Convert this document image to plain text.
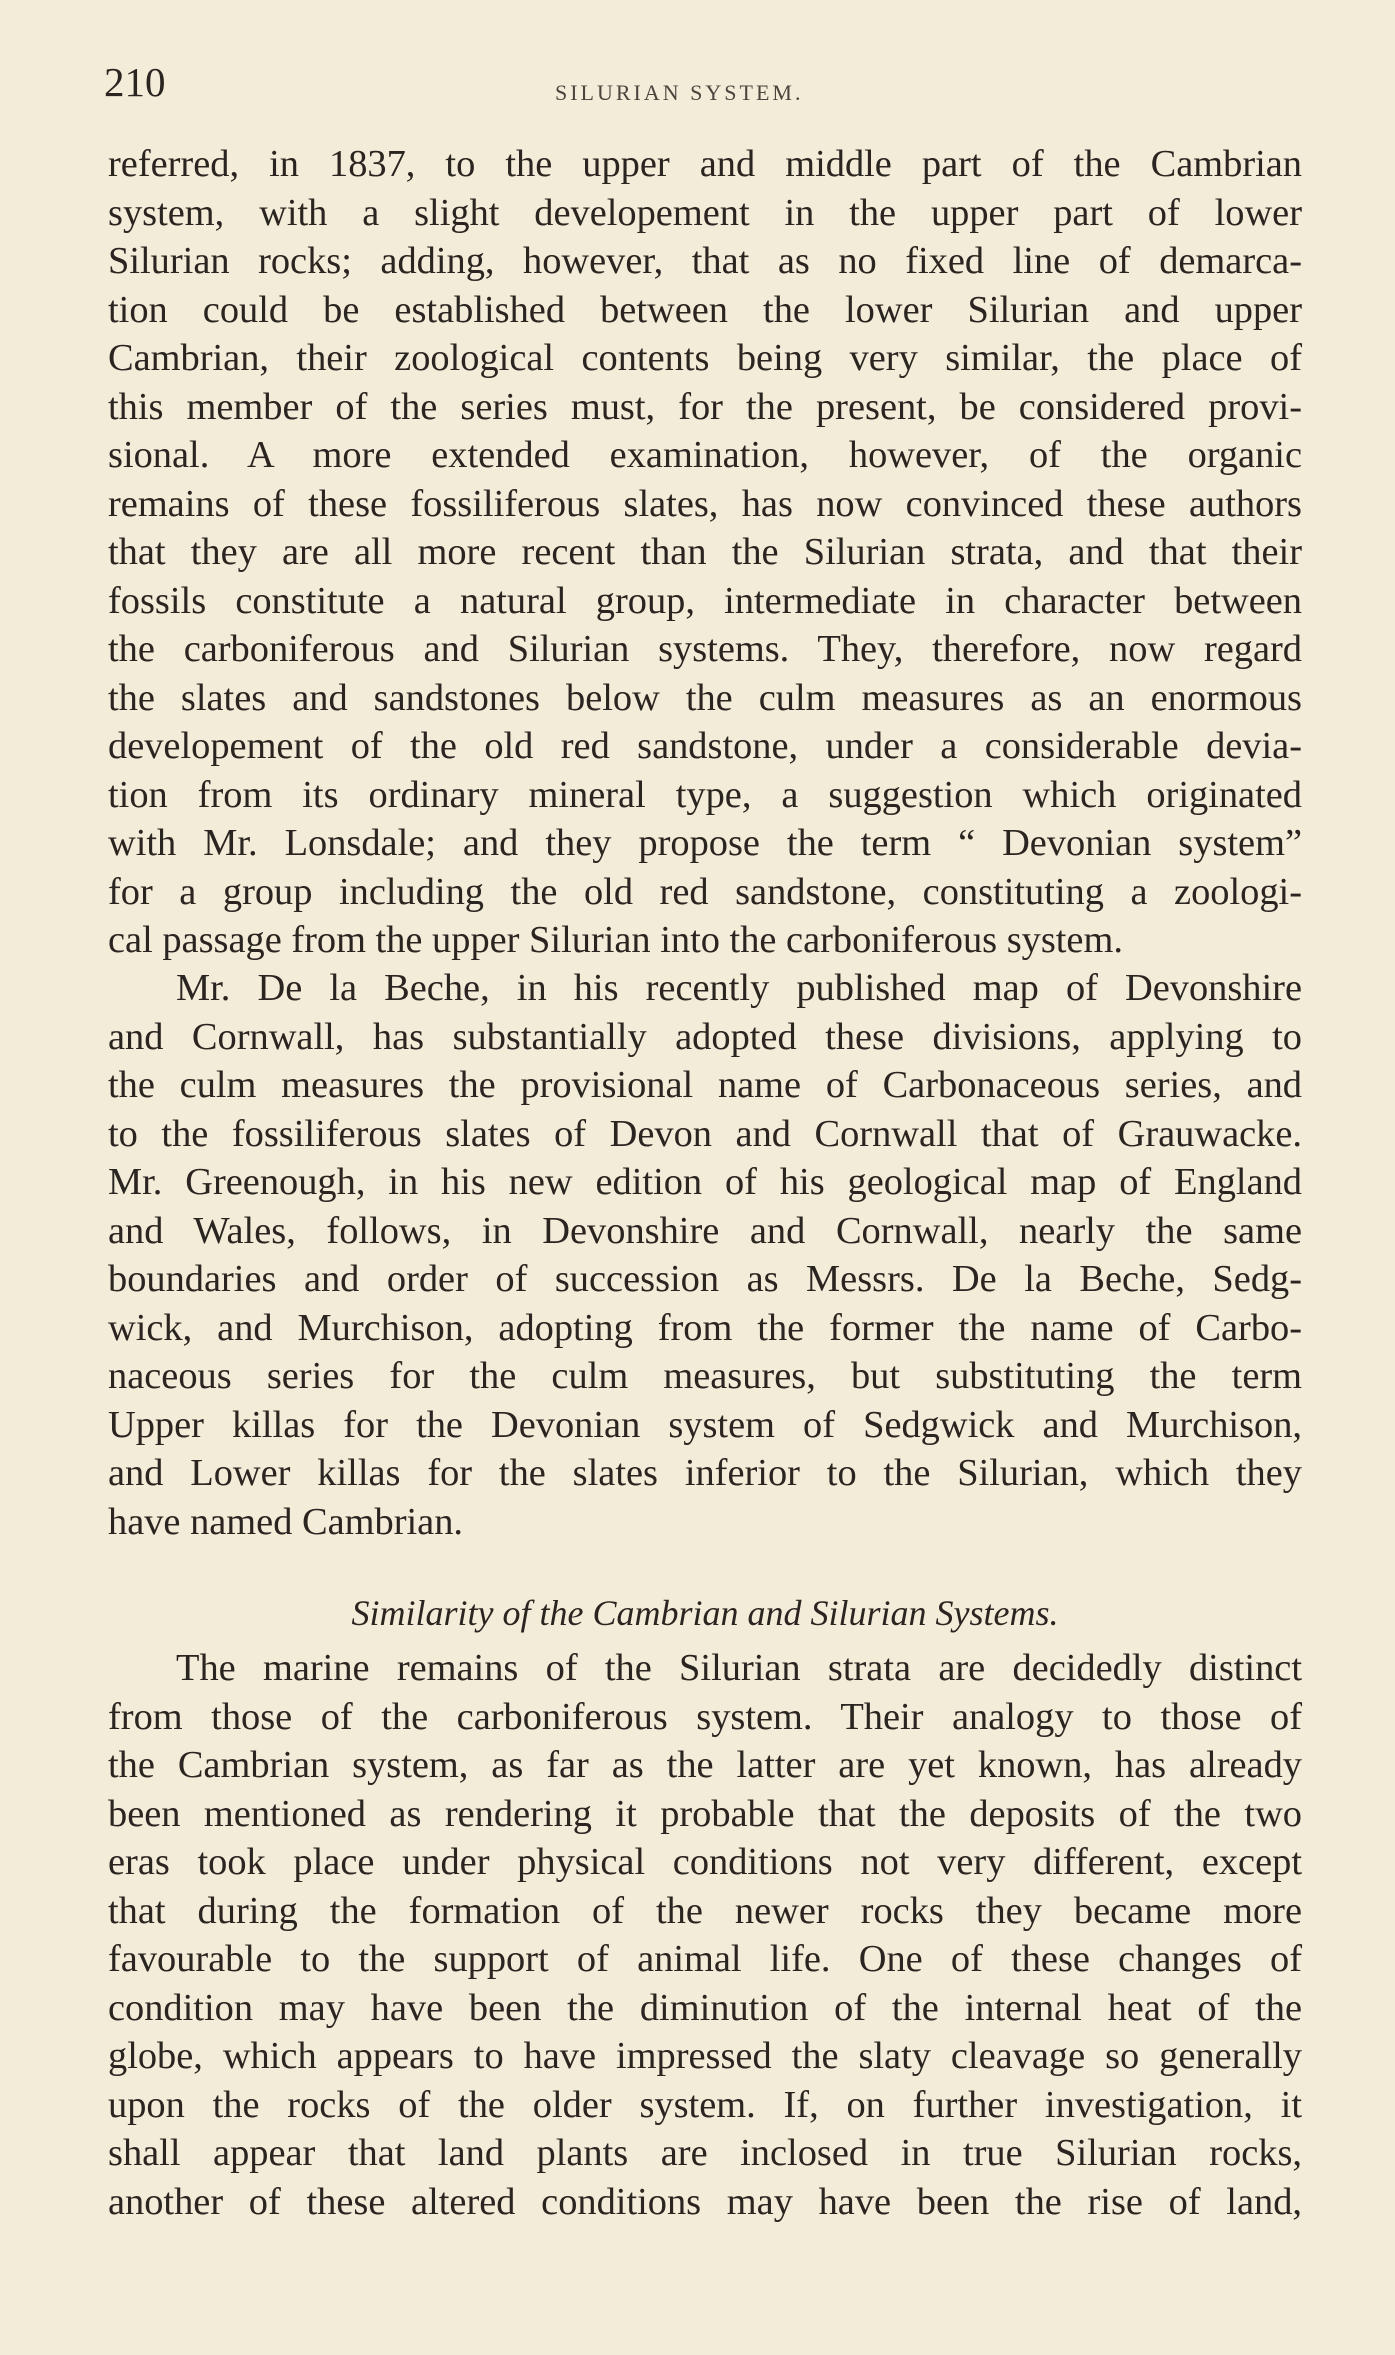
210	SILURIAN SYSTEM.
referred, in 1837, to the upper and middle part of the Cambrian
system, with a slight developement in the upper part of lower
Silurian rocks; adding, however, that as no fixed line of demarca-
tion could be established between the lower Silurian and upper
Cambrian, their zoological contents being very similar, the place of
this member of the series must, for the present, be considered provi-
sional. A more extended examination, however, of the organic
remains of these fossiliferous slates, has now convinced these authors
that they are all more recent than the Silurian strata, and that their
fossils constitute a natural group, intermediate in character between
the carboniferous and Silurian systems. They, therefore, now regard
the slates and sandstones below the culm measures as an enormous
developement of the old red sandstone, under a considerable devia-
tion from its ordinary mineral type, a suggestion which originated
with Mr. Lonsdale; and they propose the term “ Devonian system”
for a group including the old red sandstone, constituting a zoologi-
cal passage from the upper Silurian into the carboniferous system.
Mr. De la Beche, in his recently published map of Devonshire
and Cornwall, has substantially adopted these divisions, applying to
the culm measures the provisional name of Carbonaceous series, and
to the fossiliferous slates of Devon and Cornwall that of Grauwacke.
Mr. Greenough, in his new edition of his geological map of England
and Wales, follows, in Devonshire and Cornwall, nearly the same
boundaries and order of succession as Messrs. De la Beche, Sedg-
wick, and Murchison, adopting from the former the name of Carbo-
naceous series for the culm measures, but substituting the term
Upper killas for the Devonian system of Sedgwick and Murchison,
and Lower killas for the slates inferior to the Silurian, which they
have named Cambrian.
Similarity of the Cambrian and Silurian Systems.
The marine remains of the Silurian strata are decidedly distinct
from those of the carboniferous system. Their analogy to those of
the Cambrian system, as far as the latter are yet known, has already
been mentioned as rendering it probable that the deposits of the two
eras took place under physical conditions not very different, except
that during the formation of the newer rocks they became more
favourable to the support of animal life. One of these changes of
condition may have been the diminution of the internal heat of the
globe, which appears to have impressed the slaty cleavage so generally
upon the rocks of the older system. If, on further investigation, it
shall appear that land plants are inclosed in true Silurian rocks,
another of these altered conditions may have been the rise of land,
